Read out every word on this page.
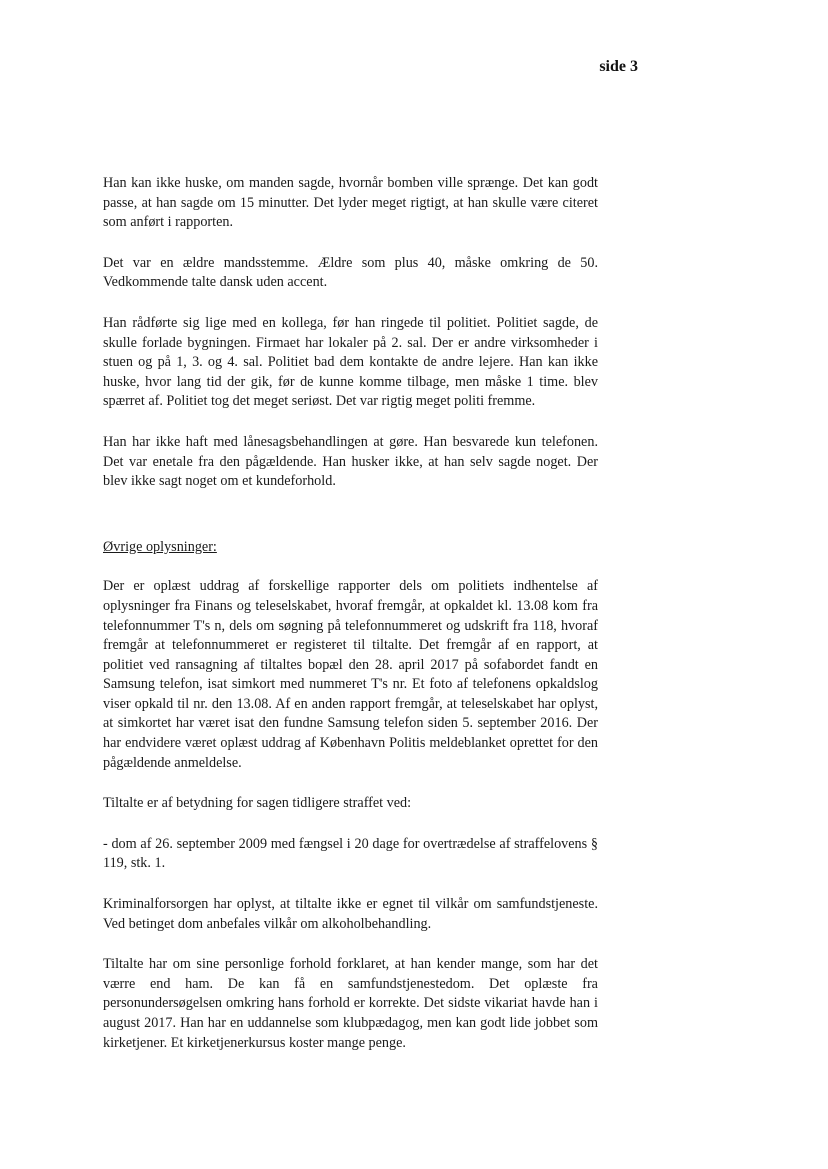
side 3

Han kan ikke huske, om manden sagde, hvornår bomben ville sprænge. Det kan godt passe, at han sagde om 15 minutter. Det lyder meget rigtigt, at han skulle være citeret som anført i rapporten.

Det var en ældre mandsstemme. Ældre som plus 40, måske omkring de 50. Vedkommende talte dansk uden accent.

Han rådførte sig lige med en kollega, før han ringede til politiet. Politiet sagde, de skulle forlade bygningen. Firmaet har lokaler på 2. sal. Der er andre virksomheder i stuen og på 1, 3. og 4. sal. Politiet bad dem kontakte de andre lejere. Han kan ikke huske, hvor lang tid der gik, før de kunne komme tilbage, men måske 1 time. blev spærret af. Politiet tog det meget seriøst. Det var rigtig meget politi fremme.

Han har ikke haft med lånesagsbehandlingen at gøre. Han besvarede kun telefonen. Det var enetale fra den pågældende. Han husker ikke, at han selv sagde noget. Der blev ikke sagt noget om et kundeforhold.

Øvrige oplysninger:

Der er oplæst uddrag af forskellige rapporter dels om politiets indhentelse af oplysninger fra Finans og teleselskabet, hvoraf fremgår, at opkaldet kl. 13.08 kom fra telefonnummer T's n, dels om søgning på telefonnummeret og udskrift fra 118, hvoraf fremgår at telefonnummeret er registeret til tiltalte. Det fremgår af en rapport, at politiet ved ransagning af tiltaltes bopæl den 28. april 2017 på sofabordet fandt en Samsung telefon, isat simkort med nummeret T's nr. Et foto af telefonens opkaldslog viser opkald til nr. den 13.08. Af en anden rapport fremgår, at teleselskabet har oplyst, at simkortet har været isat den fundne Samsung telefon siden 5. september 2016. Der har endvidere været oplæst uddrag af København Politis meldeblanket oprettet for den pågældende anmeldelse.

Tiltalte er af betydning for sagen tidligere straffet ved:

- dom af 26. september 2009 med fængsel i 20 dage for overtrædelse af straffelovens § 119, stk. 1.

Kriminalforsorgen har oplyst, at tiltalte ikke er egnet til vilkår om samfundstjeneste. Ved betinget dom anbefales vilkår om alkoholbehandling.

Tiltalte har om sine personlige forhold forklaret, at han kender mange, som har det værre end ham. De kan få en samfundstjenestedom. Det oplæste fra personundersøgelsen omkring hans forhold er korrekte. Det sidste vikariat havde han i august 2017. Han har en uddannelse som klubpædagog, men kan godt lide jobbet som kirketjener. Et kirketjenerkursus koster mange penge.
